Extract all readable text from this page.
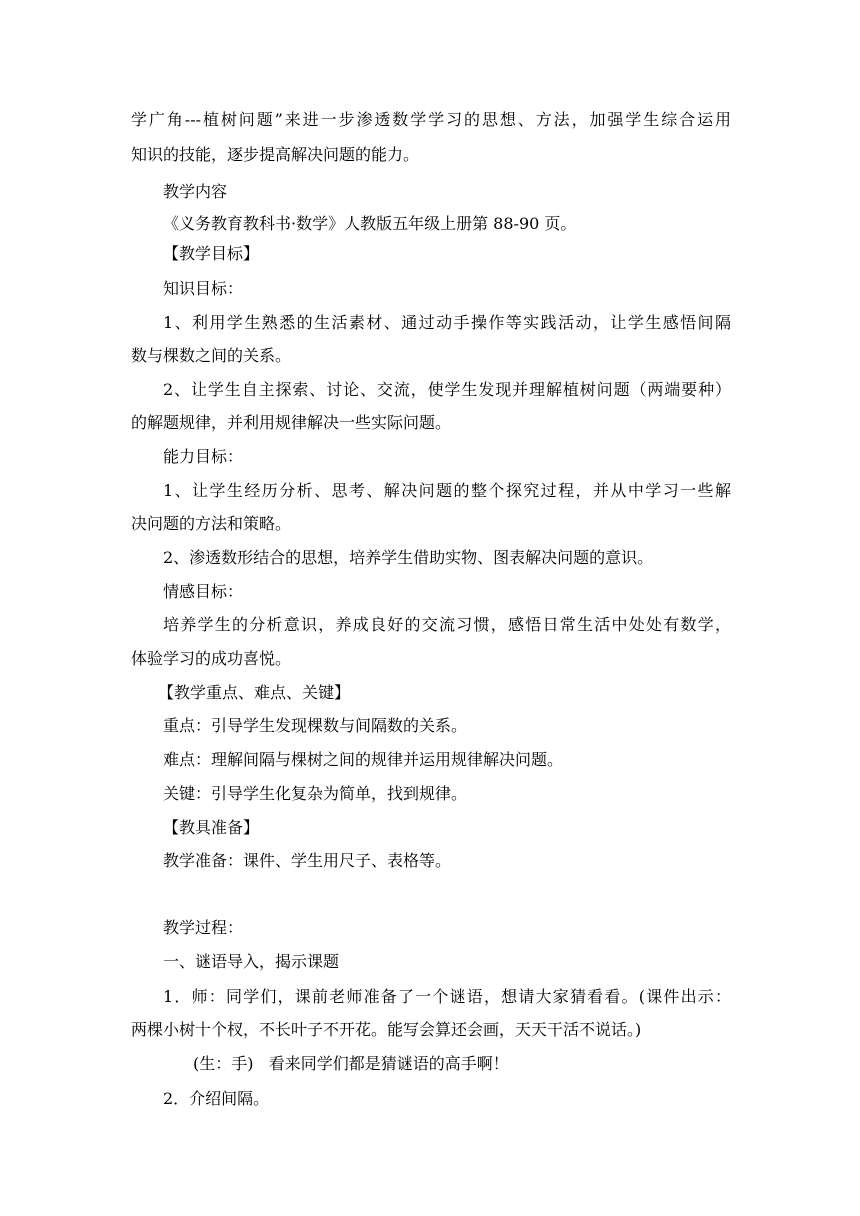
学广角---植树问题”来进一步渗透数学学习的思想、方法，加强学生综合运用
知识的技能，逐步提高解决问题的能力。
教学内容
《义务教育教科书·数学》人教版五年级上册第 88-90 页。
【教学目标】
知识目标：
1、利用学生熟悉的生活素材、通过动手操作等实践活动，让学生感悟间隔
数与棵数之间的关系。
2、让学生自主探索、讨论、交流，使学生发现并理解植树问题（两端要种）
的解题规律，并利用规律解决一些实际问题。
能力目标：
1、让学生经历分析、思考、解决问题的整个探究过程，并从中学习一些解
决问题的方法和策略。
2、渗透数形结合的思想，培养学生借助实物、图表解决问题的意识。
情感目标：
培养学生的分析意识，养成良好的交流习惯，感悟日常生活中处处有数学，
体验学习的成功喜悦。
【教学重点、难点、关键】
重点：引导学生发现棵数与间隔数的关系。
难点：理解间隔与棵树之间的规律并运用规律解决问题。
关键：引导学生化复杂为简单，找到规律。
【教具准备】
教学准备：课件、学生用尺子、表格等。
教学过程：
一、谜语导入，揭示课题
1．师：同学们，课前老师准备了一个谜语，想请大家猜看看。(课件出示：
两棵小树十个杈，不长叶子不开花。能写会算还会画，天天干活不说话。)
(生：手)   看来同学们都是猜谜语的高手啊！
2．介绍间隔。
